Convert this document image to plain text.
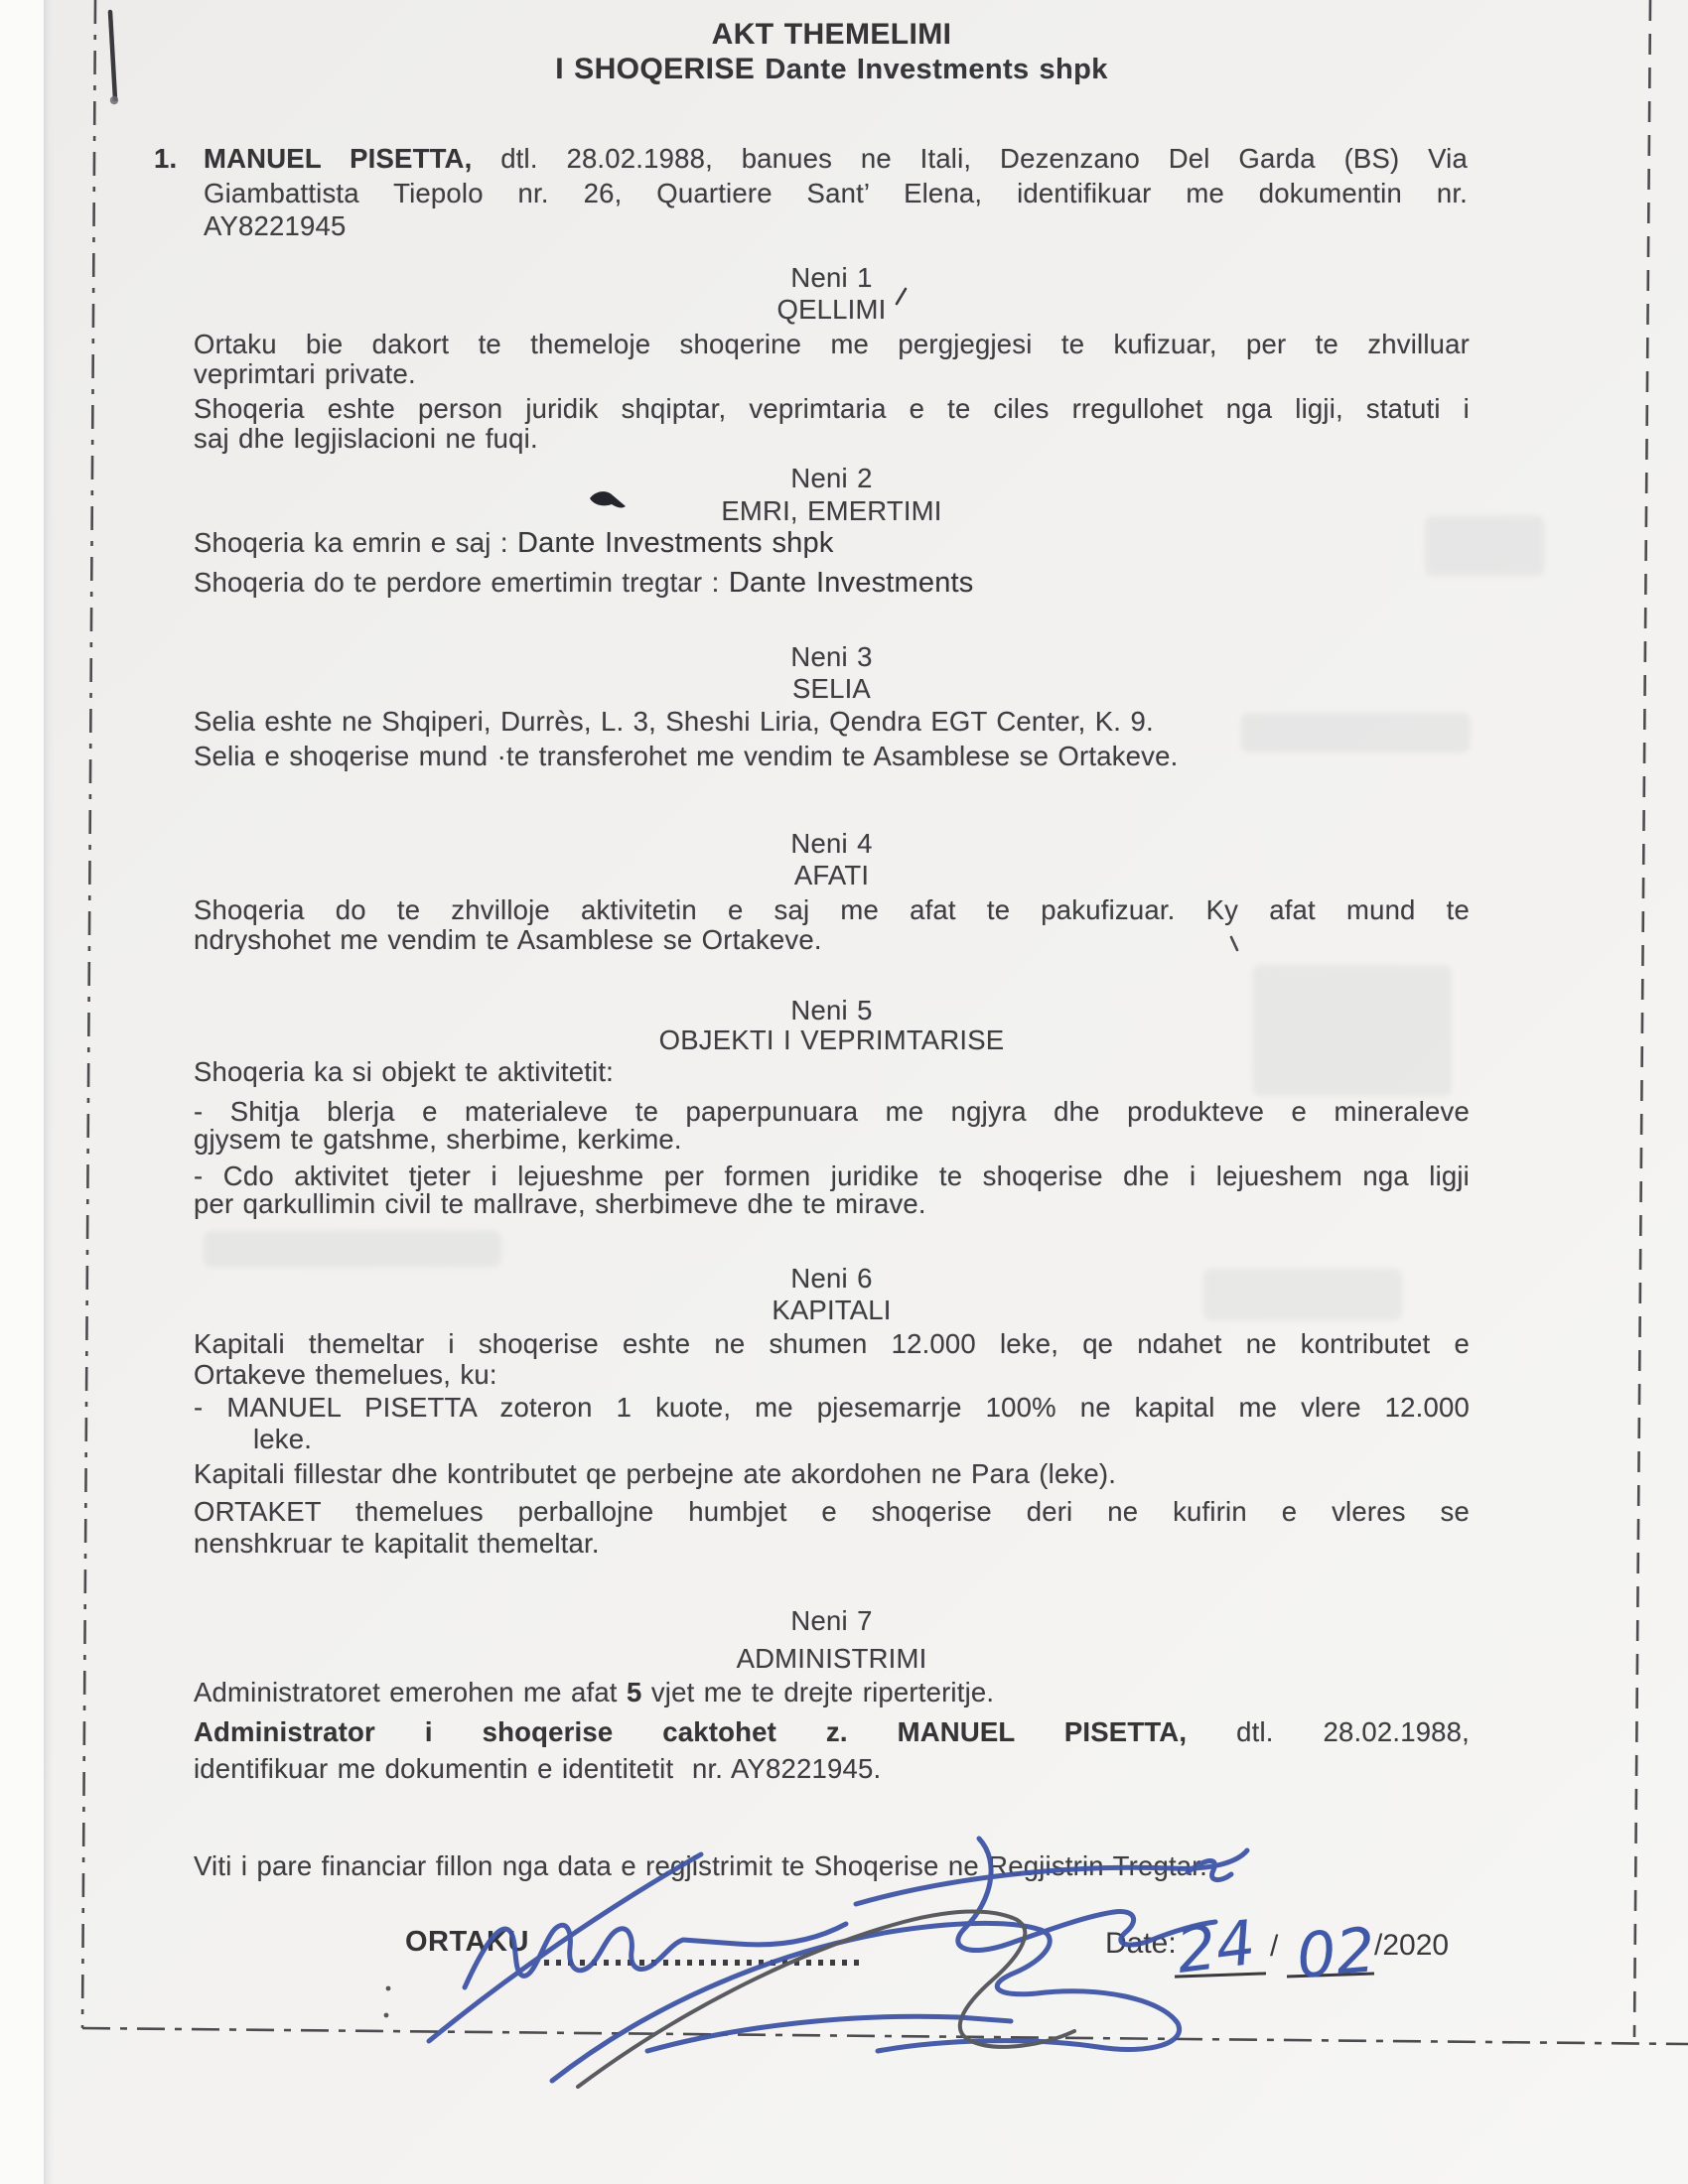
AKT THEMELIMI
I SHOQERISE Dante Investments shpk
1. MANUEL PISETTA, dtl. 28.02.1988, banues ne Itali, Dezenzano Del Garda (BS) Via
Giambattista Tiepolo nr. 26, Quartiere Sant’ Elena, identifikuar me dokumentin nr.
AY8221945
Neni 1
QELLIMI
Ortaku bie dakort te themeloje shoqerine me pergjegjesi te kufizuar, per te zhvilluar
veprimtari private.
Shoqeria eshte person juridik shqiptar, veprimtaria e te ciles rregullohet nga ligji, statuti i
saj dhe legjislacioni ne fuqi.
Neni 2
EMRI, EMERTIMI
Shoqeria ka emrin e saj : Dante Investments shpk
Shoqeria do te perdore emertimin tregtar : Dante Investments
Neni 3
SELIA
Selia eshte ne Shqiperi, Durrès, L. 3, Sheshi Liria, Qendra EGT Center, K. 9.
Selia e shoqerise mund ·te transferohet me vendim te Asamblese se Ortakeve.
Neni 4
AFATI
Shoqeria do te zhvilloje aktivitetin e saj me afat te pakufizuar. Ky afat mund te
ndryshohet me vendim te Asamblese se Ortakeve.
Neni 5
OBJEKTI I VEPRIMTARISE
Shoqeria ka si objekt te aktivitetit:
- Shitja blerja e materialeve te paperpunuara me ngjyra dhe produkteve e mineraleve
gjysem te gatshme, sherbime, kerkime.
- Cdo aktivitet tjeter i lejueshme per formen juridike te shoqerise dhe i lejueshem nga ligji
per qarkullimin civil te mallrave, sherbimeve dhe te mirave.
Neni 6
KAPITALI
Kapitali themeltar i shoqerise eshte ne shumen 12.000 leke, qe ndahet ne kontributet e
Ortakeve themelues, ku:
- MANUEL PISETTA zoteron 1 kuote, me pjesemarrje 100% ne kapital me vlere 12.000
leke.
Kapitali fillestar dhe kontributet qe perbejne ate akordohen ne Para (leke).
ORTAKET themelues perballojne humbjet e shoqerise deri ne kufirin e vleres se
nenshkruar te kapitalit themeltar.
Neni 7
ADMINISTRIMI
Administratoret emerohen me afat 5 vjet me te drejte riperteritje.
Administrator i shoqerise caktohet z. MANUEL PISETTA, dtl. 28.02.1988,
identifikuar me dokumentin e identitetit  nr. AY8221945.
Viti i pare financiar fillon nga data e regjistrimit te Shoqerise ne Regjistrin Tregtar.
ORTAKU	Date:	/	/2020
24 02
